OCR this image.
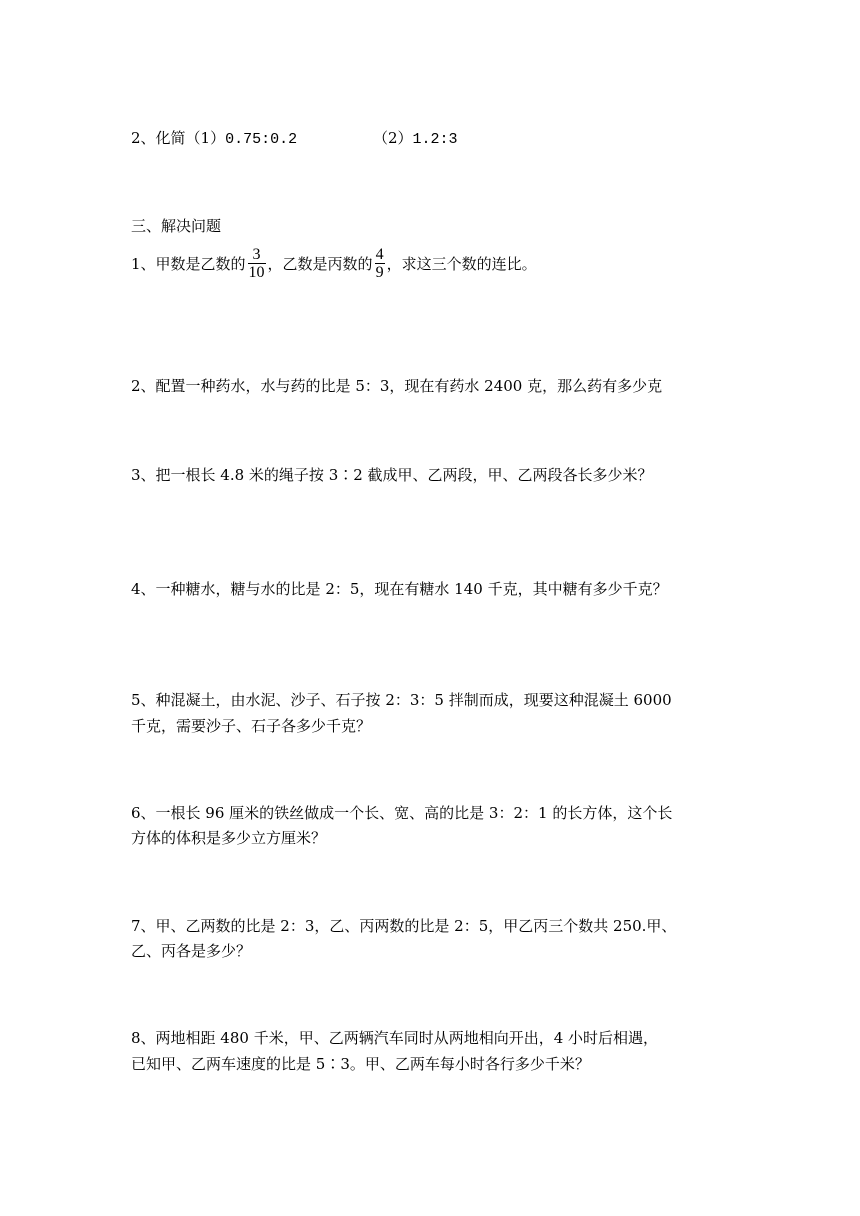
2、化简（1）0.75:0.2	（2）1.2:3
三、解决问题
1、甲数是乙数的 $\frac{3}{10}$ ，乙数是丙数的 $\frac{4}{9}$ ，求这三个数的连比。
2、配置一种药水，水与药的比是 5：3，现在有药水 2400 克，那么药有多少克
3、把一根长 4.8 米的绳子按 3∶2 截成甲、乙两段，甲、乙两段各长多少米？
4、一种糖水，糖与水的比是 2：5，现在有糖水 140 千克，其中糖有多少千克？
5、种混凝土，由水泥、沙子、石子按 2：3：5 拌制而成，现要这种混凝土 6000
千克，需要沙子、石子各多少千克？
6、一根长 96 厘米的铁丝做成一个长、宽、高的比是 3：2：1 的长方体，这个长
方体的体积是多少立方厘米？
7、甲、乙两数的比是 2：3，乙、丙两数的比是 2：5，甲乙丙三个数共 250.甲、
乙、丙各是多少？
8、两地相距 480 千米，甲、乙两辆汽车同时从两地相向开出，4 小时后相遇，
已知甲、乙两车速度的比是 5∶3。甲、乙两车每小时各行多少千米？
